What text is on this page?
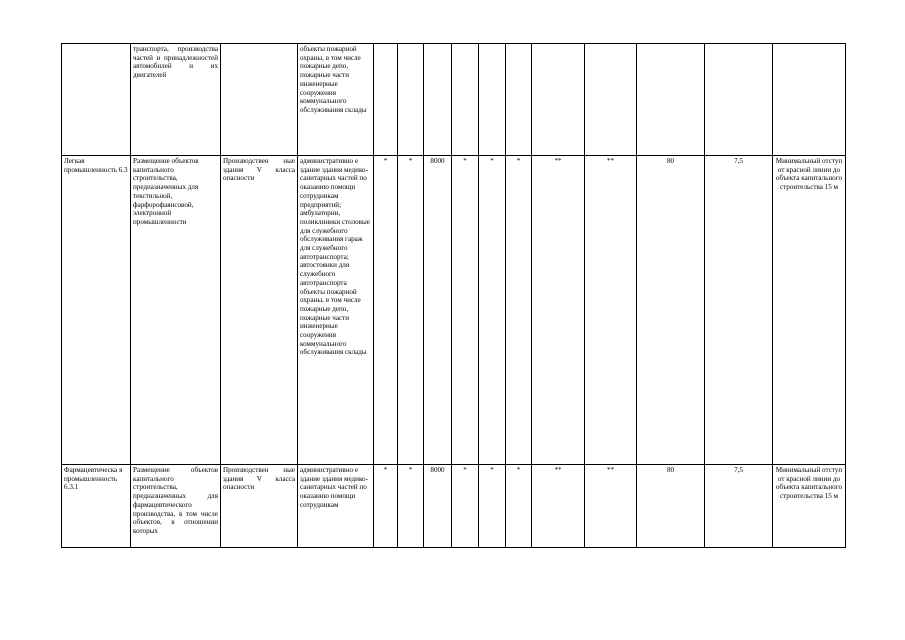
	транспорта, производства частей и принадлежностей автомобилей и их двигателей		объекты пожарной охраны, в том числе пожарные депо, пожарные части инженерные сооружения коммунального обслуживания склады											
Легкая промышленность 6.3	Размещение объектов капитального строительства, предназначенных для текстильной, фарфорофаянсовой, электронной промышленности	Производствен ные здания V класса опасности	административно е здание здания медико-санитарных частей по оказанию помощи сотрудникам предприятий; амбулатории, поликлиники столовые для служебного обслуживания гараж для служебного автотранспорта; автостоянки для служебного автотранспорта объекты пожарной охраны, в том числе пожарные депо, пожарные части инженерные сооружения коммунального обслуживания склады	*	*	8000	*	*	*	**	**	80	7,5	Минимальный отступ от красной линии до объекта капитального строительства 15 м
Фармацевтическа я промышленность 6.3.1	Размещение объектов капитального строительства, предназначенных для фармацевтического производства, в том числе объектов, в отношении которых	Производствен ные здания V класса опасности	административно е здание здания медико-санитарных частей по оказанию помощи сотрудникам	*	*	8000	*	*	*	**	**	80	7,5	Минимальный отступ от красной линии до объекта капитального строительства 15 м
